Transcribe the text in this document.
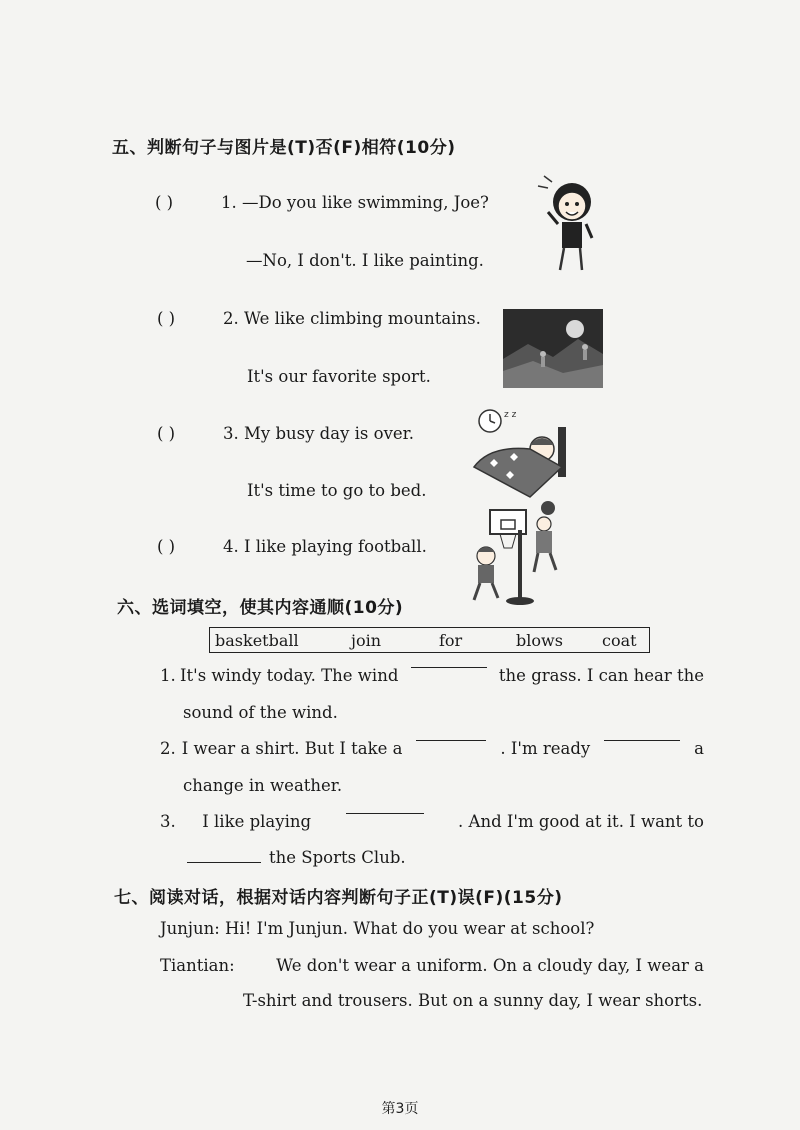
五、判断句子与图片是(T)否(F)相符(10分)
( )	1. —Do you like swimming, Joe?
—No, I don't. I like painting.
( )	2. We like climbing mountains.
It's our favorite sport.
( )	3. My busy day is over.
It's time to go to bed.
( )	4. I like playing football.
z z
六、选词填空，使其内容通顺(10分)
basketball	join	for	blows coat
1. It's windy today. The wind	the grass. I can hear the
sound of the wind.
2. I wear a shirt. But I take a	. I'm ready	a
change in weather.
3. I like playing	. And I'm good at it. I want to
the Sports Club.
七、阅读对话，根据对话内容判断句子正(T)误(F)(15分)
Junjun: Hi! I'm Junjun. What do you wear at school?
Tiantian:	We don't wear a uniform. On a cloudy day, I wear a
T-shirt and trousers. But on a sunny day, I wear shorts.
第3页
